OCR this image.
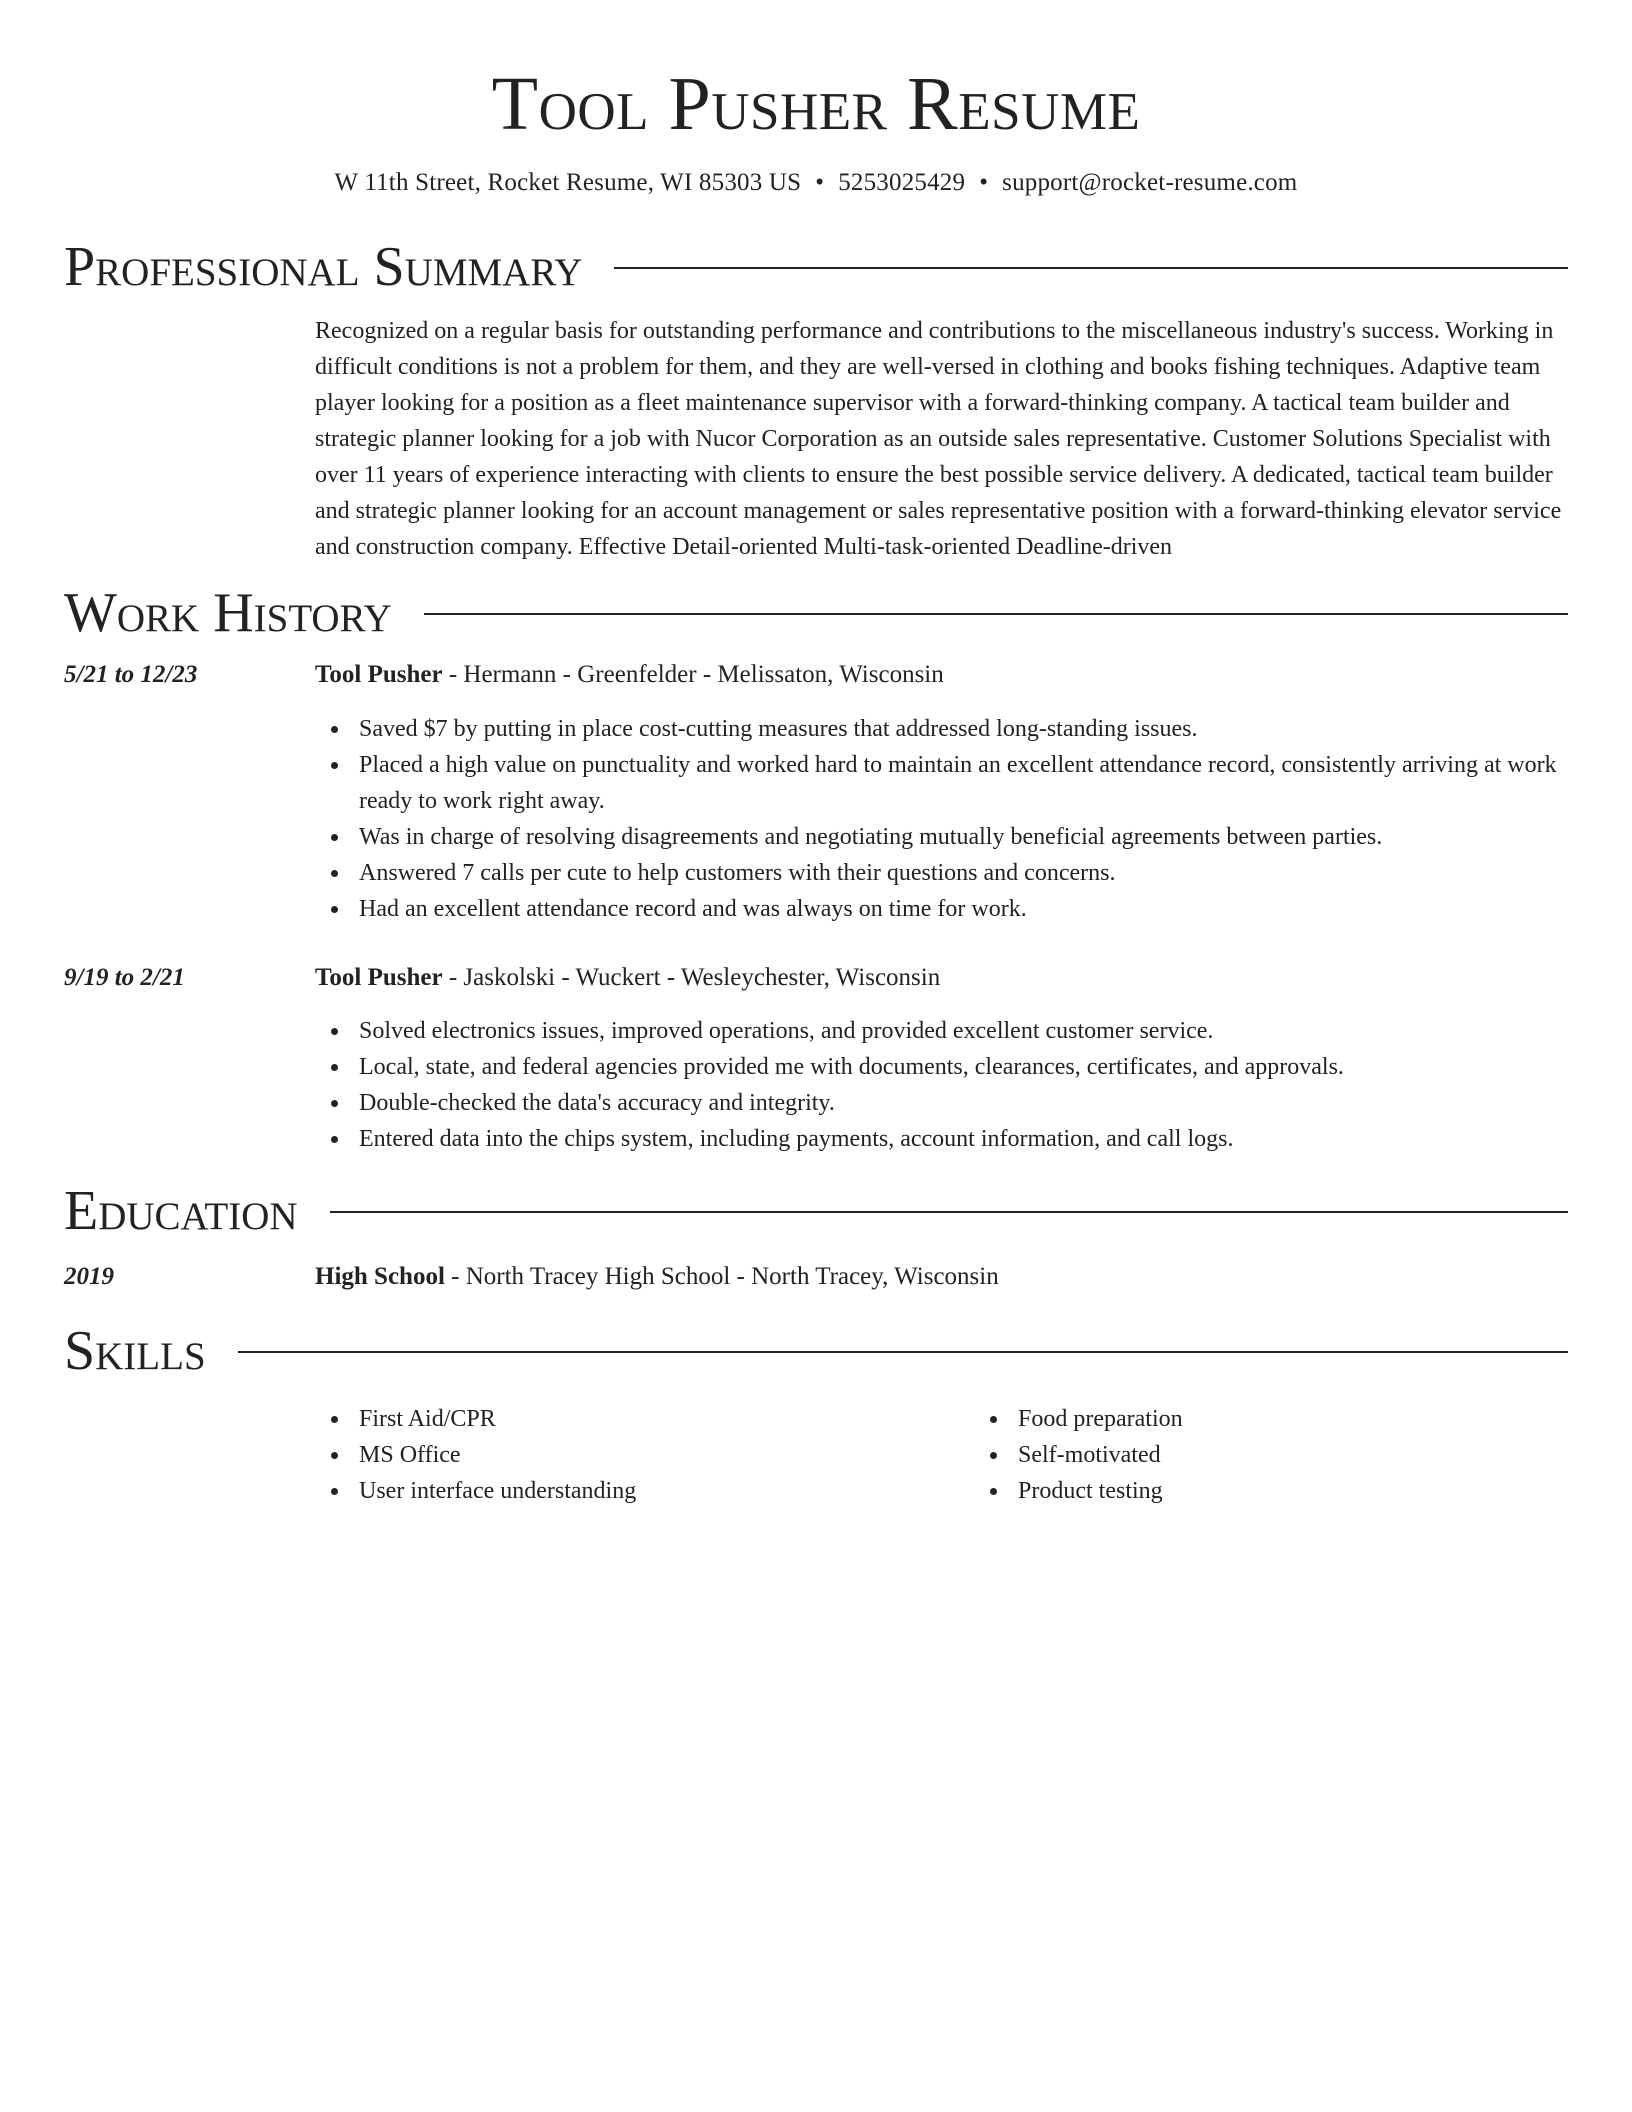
Tool Pusher Resume
W 11th Street, Rocket Resume, WI 85303 US • 5253025429 • support@rocket-resume.com
Professional Summary
Recognized on a regular basis for outstanding performance and contributions to the miscellaneous industry's success. Working in difficult conditions is not a problem for them, and they are well-versed in clothing and books fishing techniques. Adaptive team player looking for a position as a fleet maintenance supervisor with a forward-thinking company. A tactical team builder and strategic planner looking for a job with Nucor Corporation as an outside sales representative. Customer Solutions Specialist with over 11 years of experience interacting with clients to ensure the best possible service delivery. A dedicated, tactical team builder and strategic planner looking for an account management or sales representative position with a forward-thinking elevator service and construction company. Effective Detail-oriented Multi-task-oriented Deadline-driven
Work History
5/21 to 12/23	Tool Pusher - Hermann - Greenfelder - Melissaton, Wisconsin
Saved $7 by putting in place cost-cutting measures that addressed long-standing issues.
Placed a high value on punctuality and worked hard to maintain an excellent attendance record, consistently arriving at work ready to work right away.
Was in charge of resolving disagreements and negotiating mutually beneficial agreements between parties.
Answered 7 calls per cute to help customers with their questions and concerns.
Had an excellent attendance record and was always on time for work.
9/19 to 2/21	Tool Pusher - Jaskolski - Wuckert - Wesleychester, Wisconsin
Solved electronics issues, improved operations, and provided excellent customer service.
Local, state, and federal agencies provided me with documents, clearances, certificates, and approvals.
Double-checked the data's accuracy and integrity.
Entered data into the chips system, including payments, account information, and call logs.
Education
2019	High School - North Tracey High School - North Tracey, Wisconsin
Skills
First Aid/CPR
MS Office
User interface understanding
Food preparation
Self-motivated
Product testing
